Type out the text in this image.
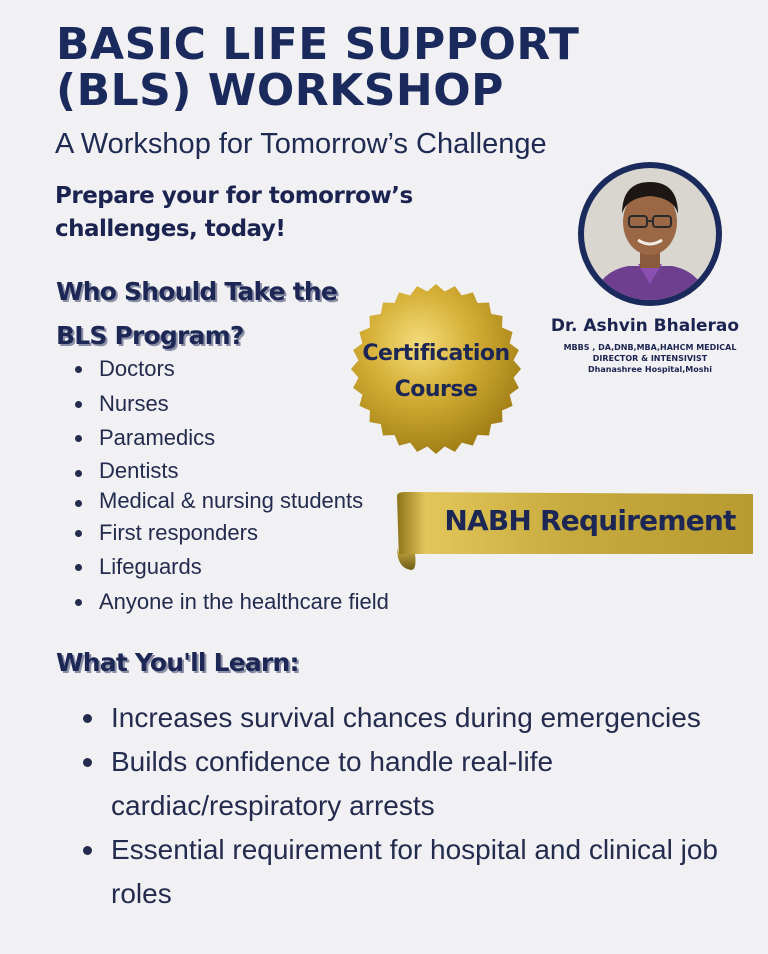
BASIC LIFE SUPPORT
(BLS) WORKSHOP
A Workshop for Tomorrow’s Challenge
Prepare your for tomorrow’s
challenges, today!
Who Should Take the
BLS Program?
Doctors
Nurses
Paramedics
Dentists
Medical & nursing students
First responders
Lifeguards
Anyone in the healthcare field
Certification
Course
NABH Requirement
Dr. Ashvin Bhalerao
MBBS , DA,DNB,MBA,HAHCM MEDICAL
DIRECTOR & INTENSIVIST
Dhanashree Hospital,Moshi
What You'll Learn:
Increases survival chances during emergencies
Builds confidence to handle real-life cardiac/respiratory arrests
Essential requirement for hospital and clinical job roles
